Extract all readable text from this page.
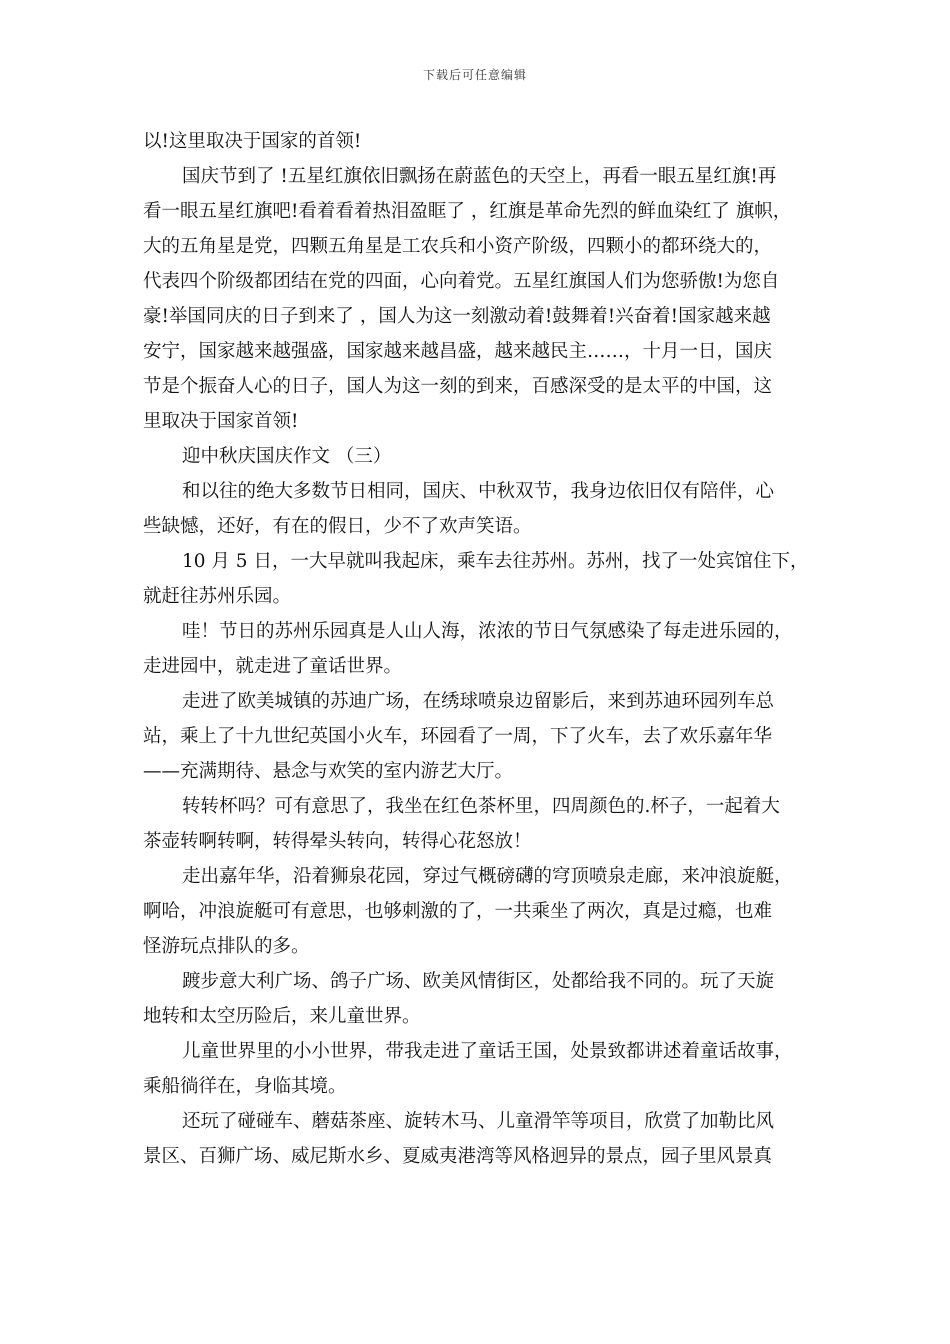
下载后可任意编辑
以!这里取决于国家的首领!
国庆节到了 !五星红旗依旧飘扬在蔚蓝色的天空上，再看一眼五星红旗!再
看一眼五星红旗吧!看着看着热泪盈眶了 ，红旗是革命先烈的鲜血染红了 旗帜，
大的五角星是党，四颗五角星是工农兵和小资产阶级，四颗小的都环绕大的，
代表四个阶级都团结在党的四面，心向着党。五星红旗国人们为您骄傲!为您自
豪!举国同庆的日子到来了 ，国人为这一刻激动着!鼓舞着!兴奋着!国家越来越
安宁，国家越来越强盛，国家越来越昌盛，越来越民主……，十月一日，国庆
节是个振奋人心的日子，国人为这一刻的到来，百感深受的是太平的中国，这
里取决于国家首领!
迎中秋庆国庆作文 （三）
和以往的绝大多数节日相同，国庆、中秋双节，我身边依旧仅有陪伴，心
些缺憾，还好，有在的假日，少不了欢声笑语。
10 月 5 日，一大早就叫我起床，乘车去往苏州。苏州，找了一处宾馆住下，
就赶往苏州乐园。
哇！节日的苏州乐园真是人山人海，浓浓的节日气氛感染了每走进乐园的，
走进园中，就走进了童话世界。
走进了欧美城镇的苏迪广场，在绣球喷泉边留影后，来到苏迪环园列车总
站，乘上了十九世纪英国小火车，环园看了一周，下了火车，去了欢乐嘉年华
——充满期待、悬念与欢笑的室内游艺大厅。
转转杯吗？可有意思了，我坐在红色茶杯里，四周颜色的.杯子，一起着大
茶壶转啊转啊，转得晕头转向，转得心花怒放！
走出嘉年华，沿着狮泉花园，穿过气概磅礴的穹顶喷泉走廊，来冲浪旋艇，
啊哈，冲浪旋艇可有意思，也够刺激的了，一共乘坐了两次，真是过瘾，也难
怪游玩点排队的多。
踱步意大利广场、鸽子广场、欧美风情街区，处都给我不同的。玩了天旋
地转和太空历险后，来儿童世界。
儿童世界里的小小世界，带我走进了童话王国，处景致都讲述着童话故事，
乘船徜徉在，身临其境。
还玩了碰碰车、蘑菇茶座、旋转木马、儿童滑竿等项目，欣赏了加勒比风
景区、百狮广场、威尼斯水乡、夏威夷港湾等风格迥异的景点，园子里风景真
